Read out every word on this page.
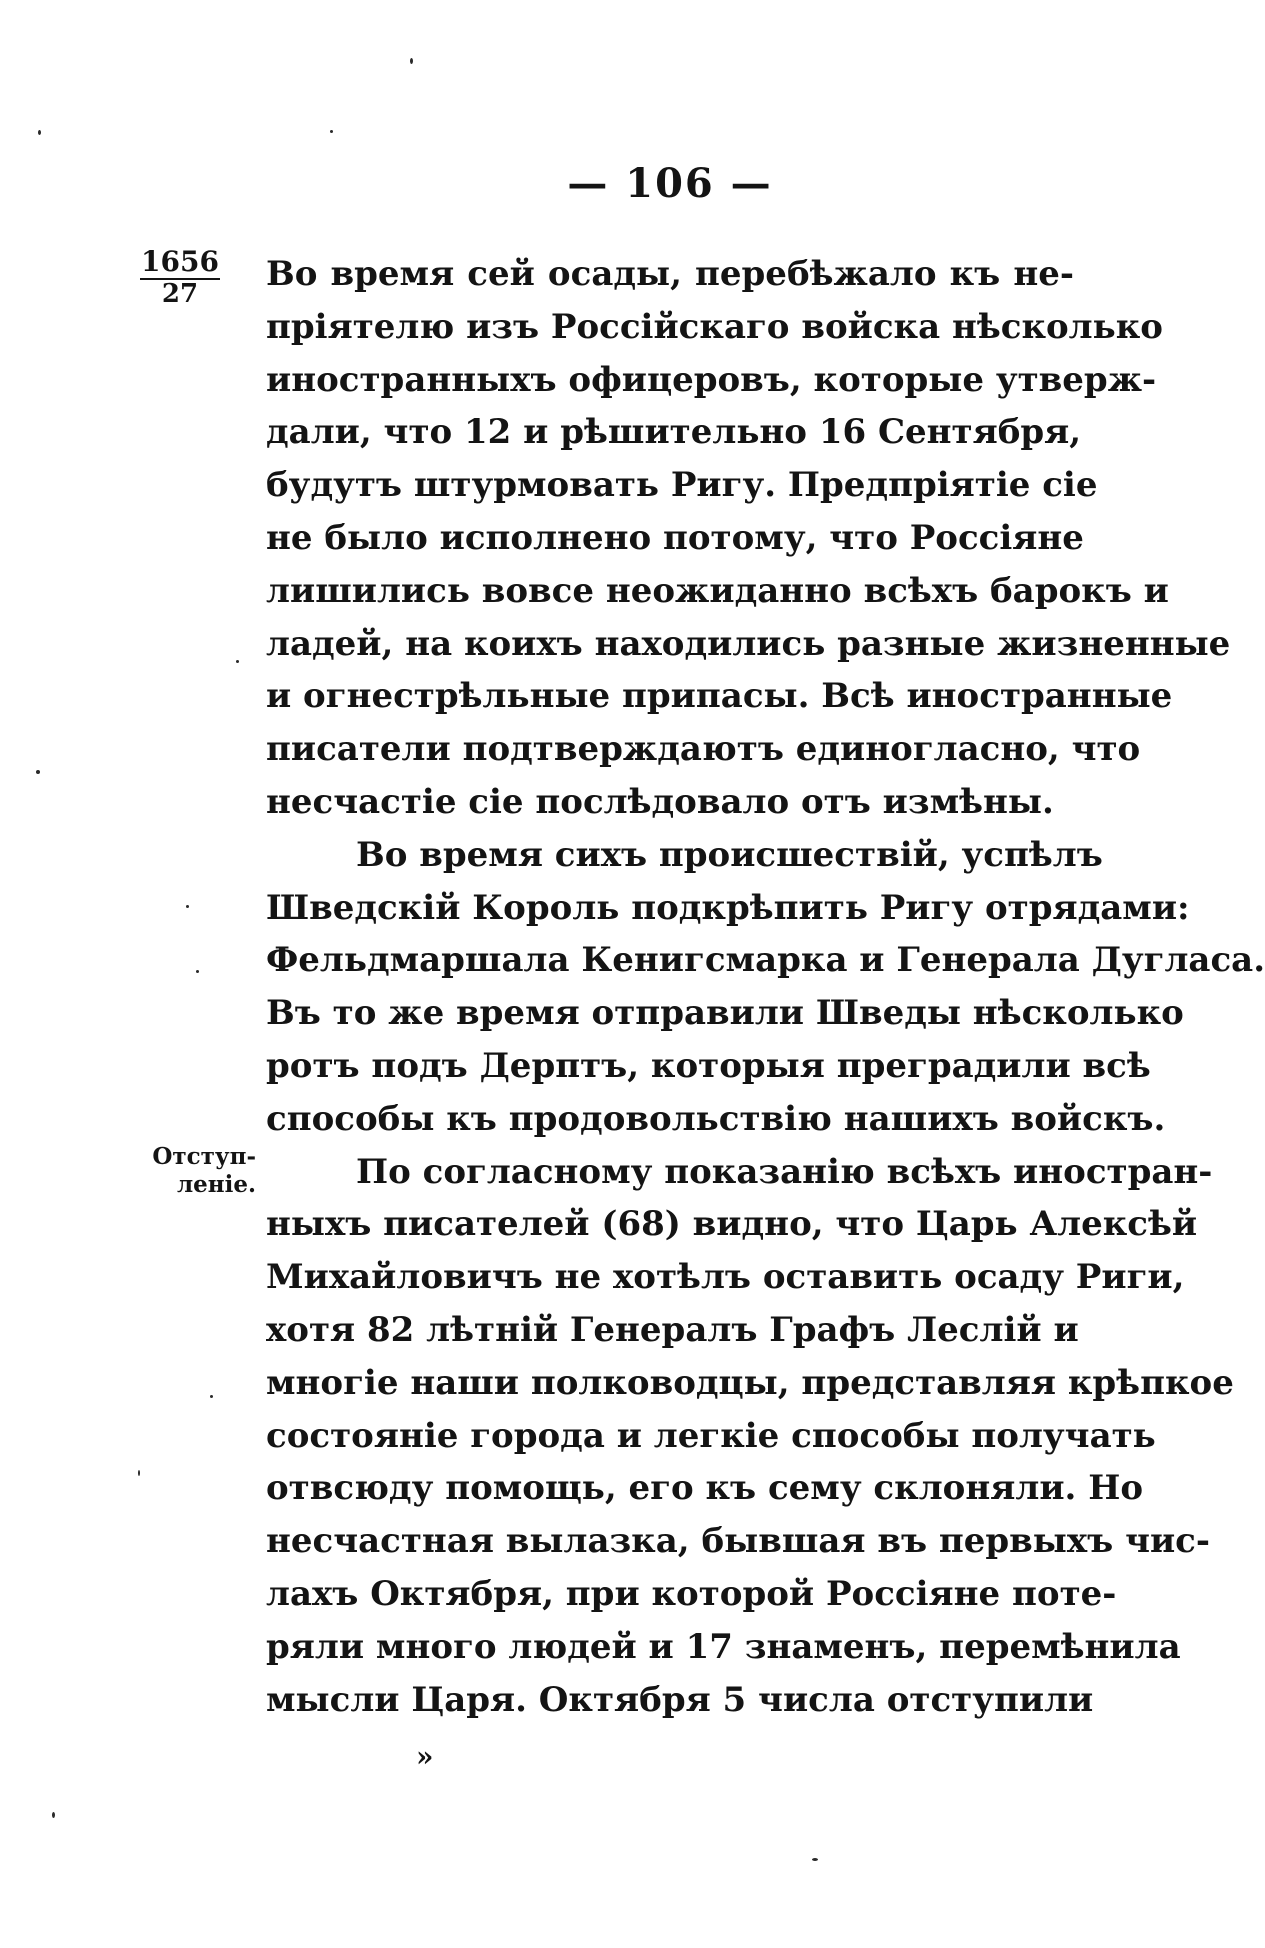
— 106 —
1656
27
Отступ-
леніе.
Во время сей осады, перебѣжало къ не-
пріятелю изъ Россійскаго войска нѣсколько
иностранныхъ офицеровъ, которые утверж-
дали, что 12 и рѣшительно 16 Сентября,
будутъ штурмовать Ригу. Предпріятіе сіе
не было исполнено потому, что Россіяне
лишились вовсе неожиданно всѣхъ барокъ и
ладей, на коихъ находились разные жизненные
и огнестрѣльные припасы. Всѣ иностранные
писатели подтверждаютъ единогласно, что
несчастіе сіе послѣдовало отъ измѣны.
Во время сихъ происшествій, успѣлъ
Шведскій Король подкрѣпить Ригу отрядами:
Фельдмаршала Кенигсмарка и Генерала Дугласа.
Въ то же время отправили Шведы нѣсколько
ротъ подъ Дерптъ, которыя преградили всѣ
способы къ продовольствію нашихъ войскъ.
По согласному показанію всѣхъ иностран-
ныхъ писателей (68) видно, что Царь Алексѣй
Михайловичъ не хотѣлъ оставить осаду Риги,
хотя 82 лѣтній Генералъ Графъ Леслій и
многіе наши полководцы, представляя крѣпкое
состояніе города и легкіе способы получать
отвсюду помощь, его къ сему склоняли. Но
несчастная вылазка, бывшая въ первыхъ чис-
лахъ Октября, при которой Россіяне поте-
ряли много людей и 17 знаменъ, перемѣнила
мысли Царя. Октября 5 числа отступили
»
